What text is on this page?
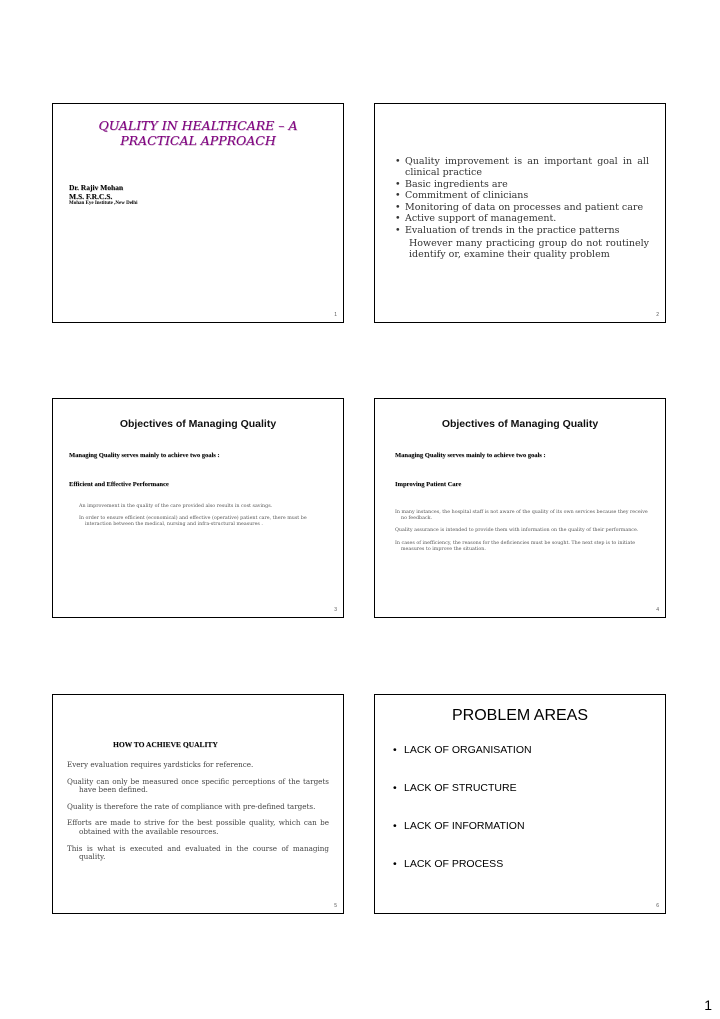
QUALITY IN HEALTHCARE – A PRACTICAL APPROACH
Dr. Rajiv Mohan
M.S. F.R.C.S.
Mohan Eye Institute ,New Delhi
1
• Quality improvement is an important goal in all clinical practice
• Basic ingredients are
• Commitment of clinicians
• Monitoring of data on processes and patient care
• Active support of management.
• Evaluation of trends in the practice patterns
However many practicing group do not routinely identify or, examine their quality problem
2
Objectives of Managing Quality
Managing Quality serves mainly to achieve two goals :
Efficient and Effective Performance

An improvement in the quality of the care provided also results in cost savings.

In order to ensure efficient (economical) and effective (operative) patient care, there must be interaction between the medical, nursing and infra-structural measures .

3
Objectives of Managing Quality
Managing Quality serves mainly to achieve two goals :
Improving Patient Care

In many instances, the hospital staff is not aware of the quality of its own services because they receive no feedback.

Quality assurance is intended to provide them with information on the quality of their performance.

In cases of inefficiency, the reasons for the deficiencies must be sought. The next step is to initiate measures to improve the situation.

4
HOW TO ACHIEVE QUALITY

Every evaluation requires yardsticks for reference.

Quality can only be measured once specific perceptions of the targets have been defined.

Quality is therefore the rate of compliance with pre-defined targets.

Efforts are made to strive for the best possible quality, which can be obtained with the available resources.

This is what is executed and evaluated in the course of managing quality.

5
PROBLEM AREAS
• LACK OF ORGANISATION
• LACK OF STRUCTURE
• LACK OF INFORMATION
• LACK OF PROCESS
6
1
